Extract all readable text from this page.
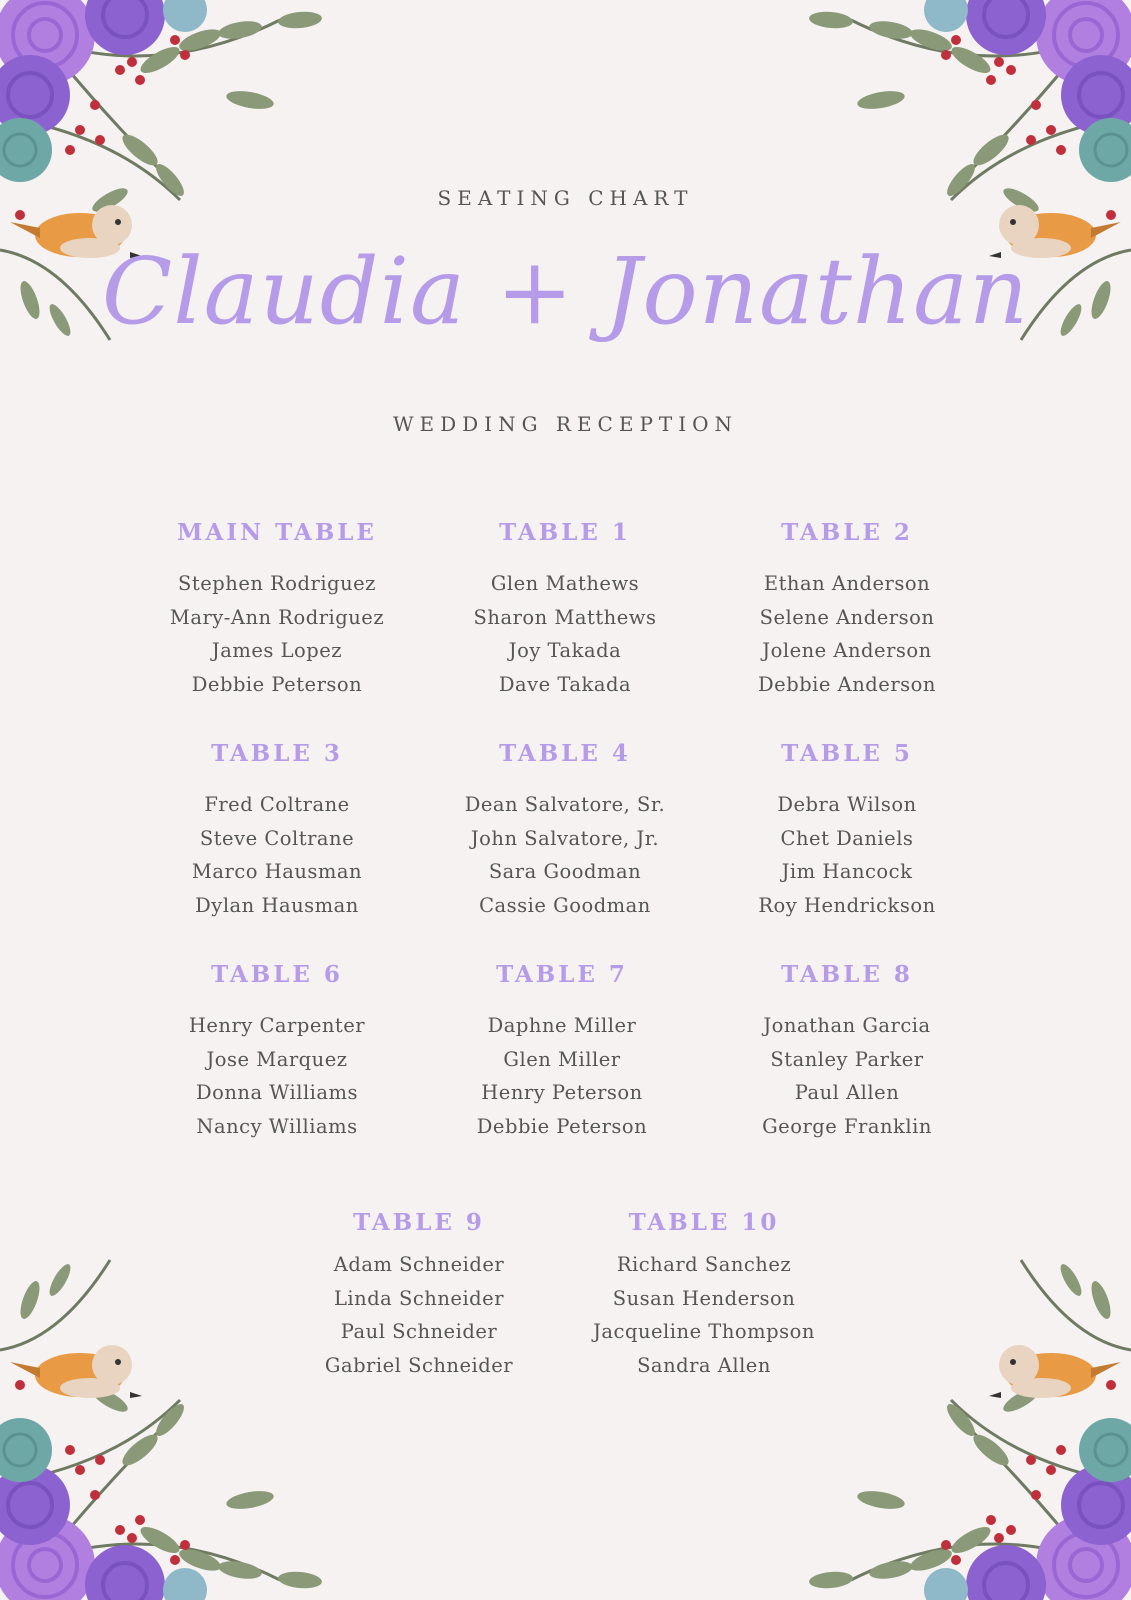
SEATING CHART
Claudia + Jonathan
WEDDING RECEPTION
MAIN TABLE
Stephen Rodriguez
Mary-Ann Rodriguez
James Lopez
Debbie Peterson
TABLE 1
Glen Mathews
Sharon Matthews
Joy Takada
Dave Takada
TABLE 2
Ethan Anderson
Selene Anderson
Jolene Anderson
Debbie Anderson
TABLE 3
Fred Coltrane
Steve Coltrane
Marco Hausman
Dylan Hausman
TABLE 4
Dean Salvatore, Sr.
John Salvatore, Jr.
Sara Goodman
Cassie Goodman
TABLE 5
Debra Wilson
Chet Daniels
Jim Hancock
Roy Hendrickson
TABLE 6
Henry Carpenter
Jose Marquez
Donna Williams
Nancy Williams
TABLE 7
Daphne Miller
Glen Miller
Henry Peterson
Debbie Peterson
TABLE 8
Jonathan Garcia
Stanley Parker
Paul Allen
George Franklin
TABLE 9
Adam Schneider
Linda Schneider
Paul Schneider
Gabriel Schneider
TABLE 10
Richard Sanchez
Susan Henderson
Jacqueline Thompson
Sandra Allen
